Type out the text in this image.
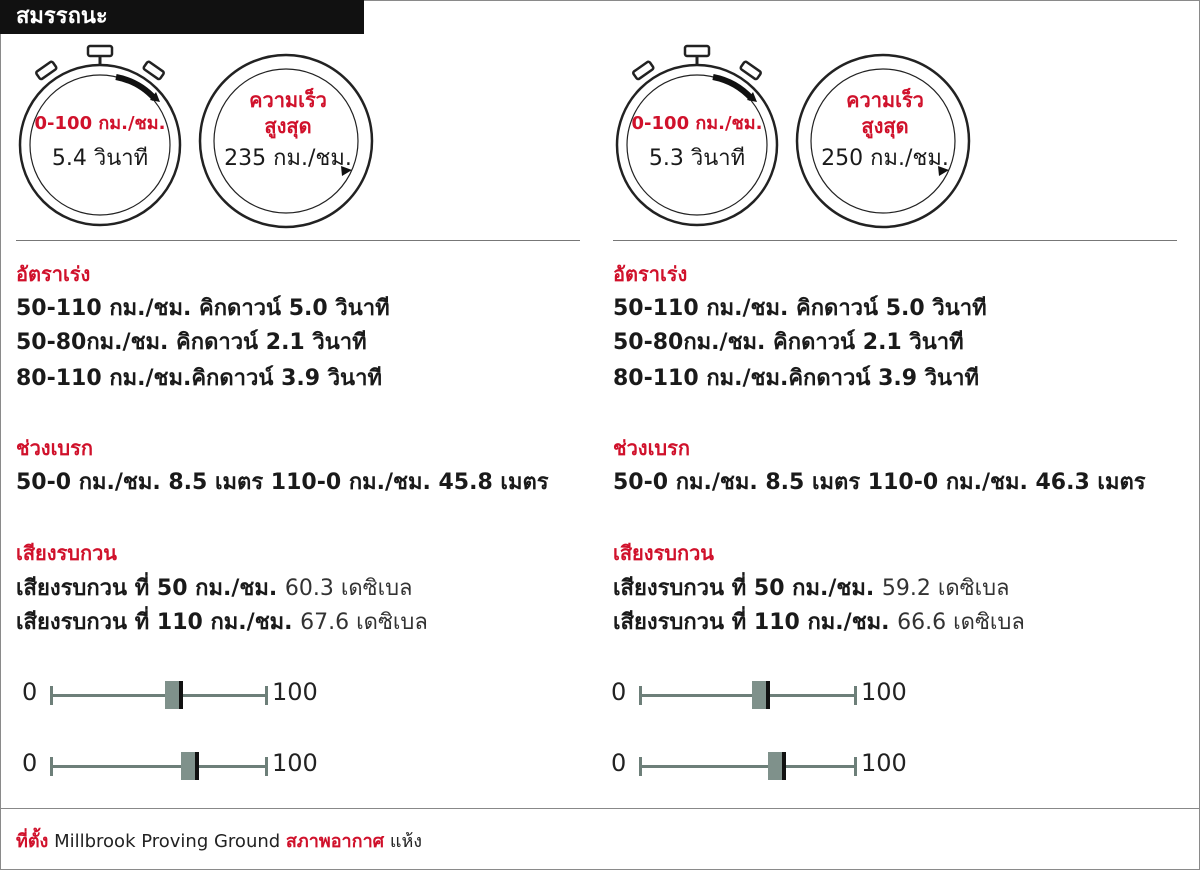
สมรรถนะ
0-100 กม./ชม.
5.4 วินาที
ความเร็ว
สูงสุด
235 กม./ชม.
อัตราเร่ง
50-110 กม./ชม. คิกดาวน์ 5.0 วินาที
50-80กม./ชม. คิกดาวน์ 2.1 วินาที
80-110 กม./ชม.คิกดาวน์ 3.9 วินาที
ช่วงเบรก
50-0 กม./ชม. 8.5 เมตร 110-0 กม./ชม. 45.8 เมตร
เสียงรบกวน
เสียงรบกวน ที่ 50 กม./ชม. 60.3 เดซิเบล
เสียงรบกวน ที่ 110 กม./ชม. 67.6 เดซิเบล
0	100
0	100
0-100 กม./ชม.
5.3 วินาที
ความเร็ว
สูงสุด
250 กม./ชม.
อัตราเร่ง
50-110 กม./ชม. คิกดาวน์ 5.0 วินาที
50-80กม./ชม. คิกดาวน์ 2.1 วินาที
80-110 กม./ชม.คิกดาวน์ 3.9 วินาที
ช่วงเบรก
50-0 กม./ชม. 8.5 เมตร 110-0 กม./ชม. 46.3 เมตร
เสียงรบกวน
เสียงรบกวน ที่ 50 กม./ชม. 59.2 เดซิเบล
เสียงรบกวน ที่ 110 กม./ชม. 66.6 เดซิเบล
0	100
0	100
ที่ตั้ง Millbrook Proving Ground สภาพอากาศ แห้ง
